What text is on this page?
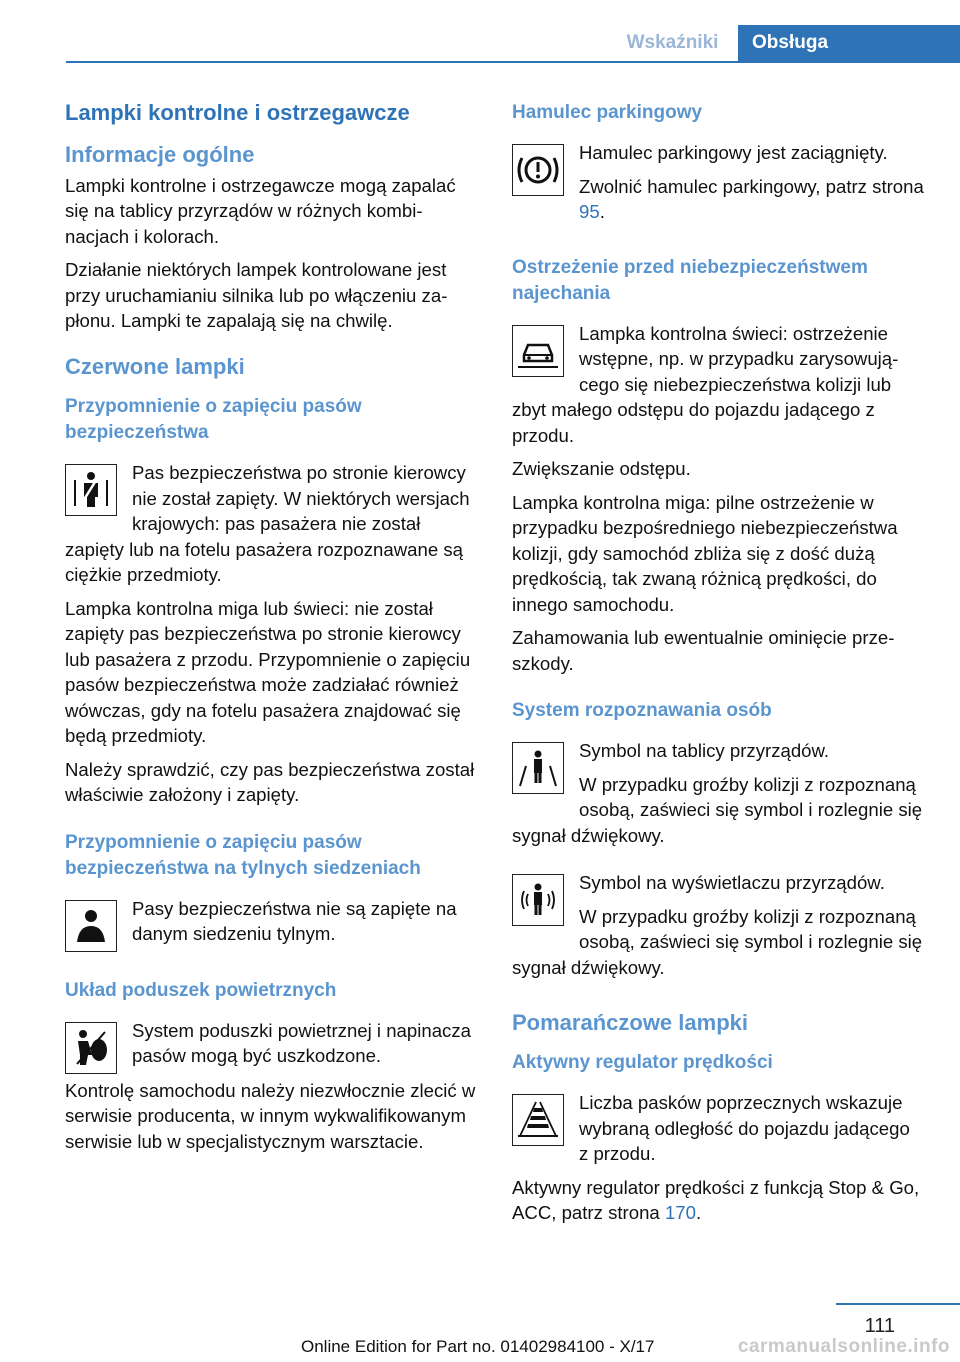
Wskaźniki	Obsługa
Lampki kontrolne i ostrzegawcze
Informacje ogólne
Lampki kontrolne i ostrzegawcze mogą zapalać się na tablicy przyrządów w różnych kombinacjach i kolorach.
Działanie niektórych lampek kontrolowane jest przy uruchamianiu silnika lub po włączeniu zapłonu. Lampki te zapalają się na chwilę.
Czerwone lampki
Przypomnienie o zapięciu pasów bezpieczeństwa
Pas bezpieczeństwa po stronie kierowcy nie został zapięty. W niektórych wersjach krajowych: pas pasażera nie został zapięty lub na fotelu pasażera rozpoznawane są ciężkie przedmioty.
Lampka kontrolna miga lub świeci: nie został zapięty pas bezpieczeństwa po stronie kierowcy lub pasażera z przodu. Przypomnienie o zapięciu pasów bezpieczeństwa może zadziałać również wówczas, gdy na fotelu pasażera znajdować się będą przedmioty.
Należy sprawdzić, czy pas bezpieczeństwa został właściwie założony i zapięty.
Przypomnienie o zapięciu pasów bezpieczeństwa na tylnych siedzeniach
Pasy bezpieczeństwa nie są zapięte na danym siedzeniu tylnym.
Układ poduszek powietrznych
System poduszki powietrznej i napinacza pasów mogą być uszkodzone.
Kontrolę samochodu należy niezwłocznie zlecić w serwisie producenta, w innym wykwalifikowanym serwisie lub w specjalistycznym warsztacie.
Hamulec parkingowy
Hamulec parkingowy jest zaciągnięty.
Zwolnić hamulec parkingowy, patrz strona 95.
Ostrzeżenie przed niebezpieczeństwem najechania
Lampka kontrolna świeci: ostrzeżenie wstępne, np. w przypadku zarysowującego się niebezpieczeństwa kolizji lub zbyt małego odstępu do pojazdu jadącego z przodu.
Zwiększanie odstępu.
Lampka kontrolna miga: pilne ostrzeżenie w przypadku bezpośredniego niebezpieczeństwa kolizji, gdy samochód zbliża się z dość dużą prędkością, tak zwaną różnicą prędkości, do innego samochodu.
Zahamowania lub ewentualnie ominięcie przeszkody.
System rozpoznawania osób
Symbol na tablicy przyrządów.
W przypadku groźby kolizji z rozpoznaną osobą, zaświeci się symbol i rozlegnie się sygnał dźwiękowy.
Symbol na wyświetlaczu przyrządów.
W przypadku groźby kolizji z rozpoznaną osobą, zaświeci się symbol i rozlegnie się sygnał dźwiękowy.
Pomarańczowe lampki
Aktywny regulator prędkości
Liczba pasków poprzecznych wskazuje wybraną odległość do pojazdu jadącego z przodu.
Aktywny regulator prędkości z funkcją Stop & Go, ACC, patrz strona 170.
111
Online Edition for Part no. 01402984100 - X/17	carmanualsonline.info
